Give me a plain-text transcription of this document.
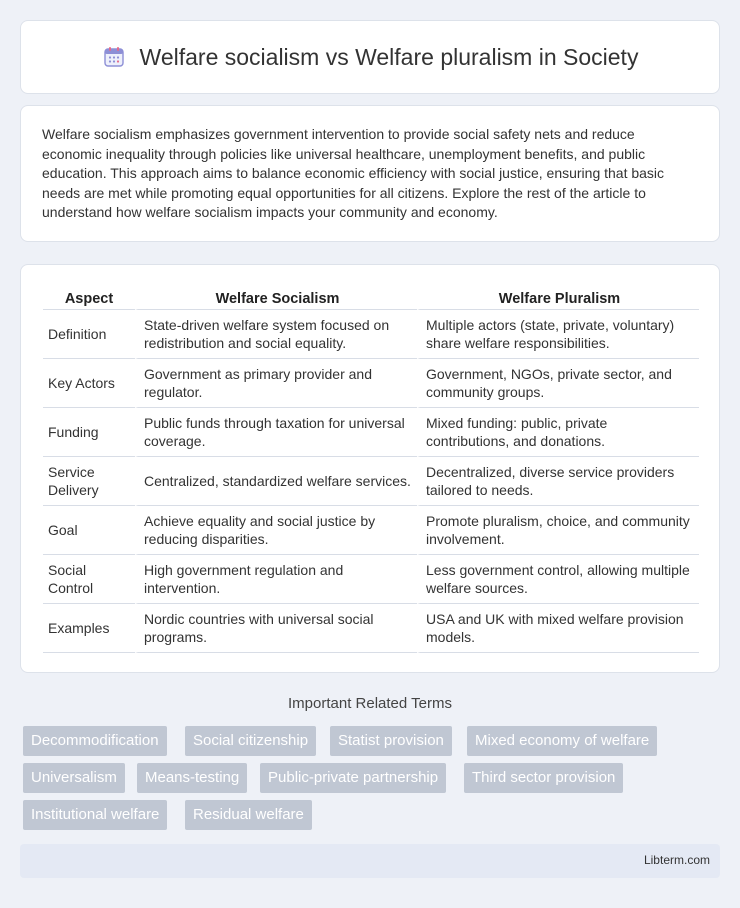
Welfare socialism vs Welfare pluralism in Society

Welfare socialism emphasizes government intervention to provide social safety nets and reduce economic inequality through policies like universal healthcare, unemployment benefits, and public education. This approach aims to balance economic efficiency with social justice, ensuring that basic needs are met while promoting equal opportunities for all citizens. Explore the rest of the article to understand how welfare socialism impacts your community and economy.

Aspect	Welfare Socialism	Welfare Pluralism
Definition	State-driven welfare system focused on redistribution and social equality.	Multiple actors (state, private, voluntary) share welfare responsibilities.
Key Actors	Government as primary provider and regulator.	Government, NGOs, private sector, and community groups.
Funding	Public funds through taxation for universal coverage.	Mixed funding: public, private contributions, and donations.
Service Delivery	Centralized, standardized welfare services.	Decentralized, diverse service providers tailored to needs.
Goal	Achieve equality and social justice by reducing disparities.	Promote pluralism, choice, and community involvement.
Social Control	High government regulation and intervention.	Less government control, allowing multiple welfare sources.
Examples	Nordic countries with universal social programs.	USA and UK with mixed welfare provision models.
Important Related Terms
Decommodification	Social citizenship	Statist provision	Mixed economy of welfare
Universalism	Means-testing	Public-private partnership	Third sector provision
Institutional welfare	Residual welfare
Libterm.com
